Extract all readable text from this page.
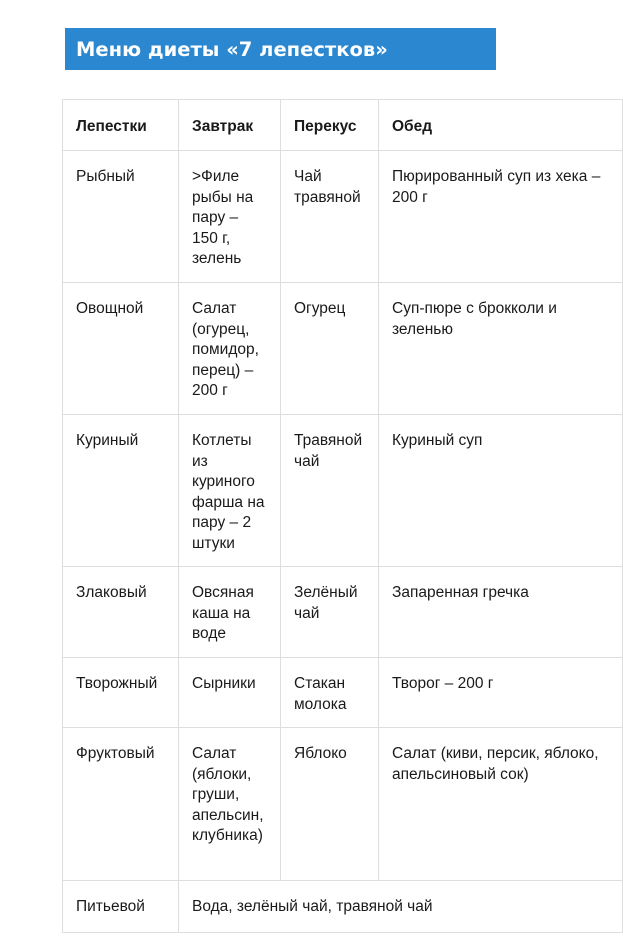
Меню диеты «7 лепестков»
Лепестки	Завтрак	Перекус	Обед
Рыбный	>Филе рыбы на пару – 150 г, зелень	Чай травяной	Пюрированный суп из хека – 200 г
Овощной	Салат (огурец, помидор, перец) – 200 г	Огурец	Суп-пюре с брокколи и зеленью
Куриный	Котлеты из куриного фарша на пару – 2 штуки	Травяной чай	Куриный суп
Злаковый	Овсяная каша на воде	Зелёный чай	Запаренная гречка
Творожный	Сырники	Стакан молока	Творог – 200 г
Фруктовый	Салат (яблоки, груши, апельсин, клубника)	Яблоко	Салат (киви, персик, яблоко, апельсиновый сок)
Питьевой	Вода, зелёный чай, травяной чай		
